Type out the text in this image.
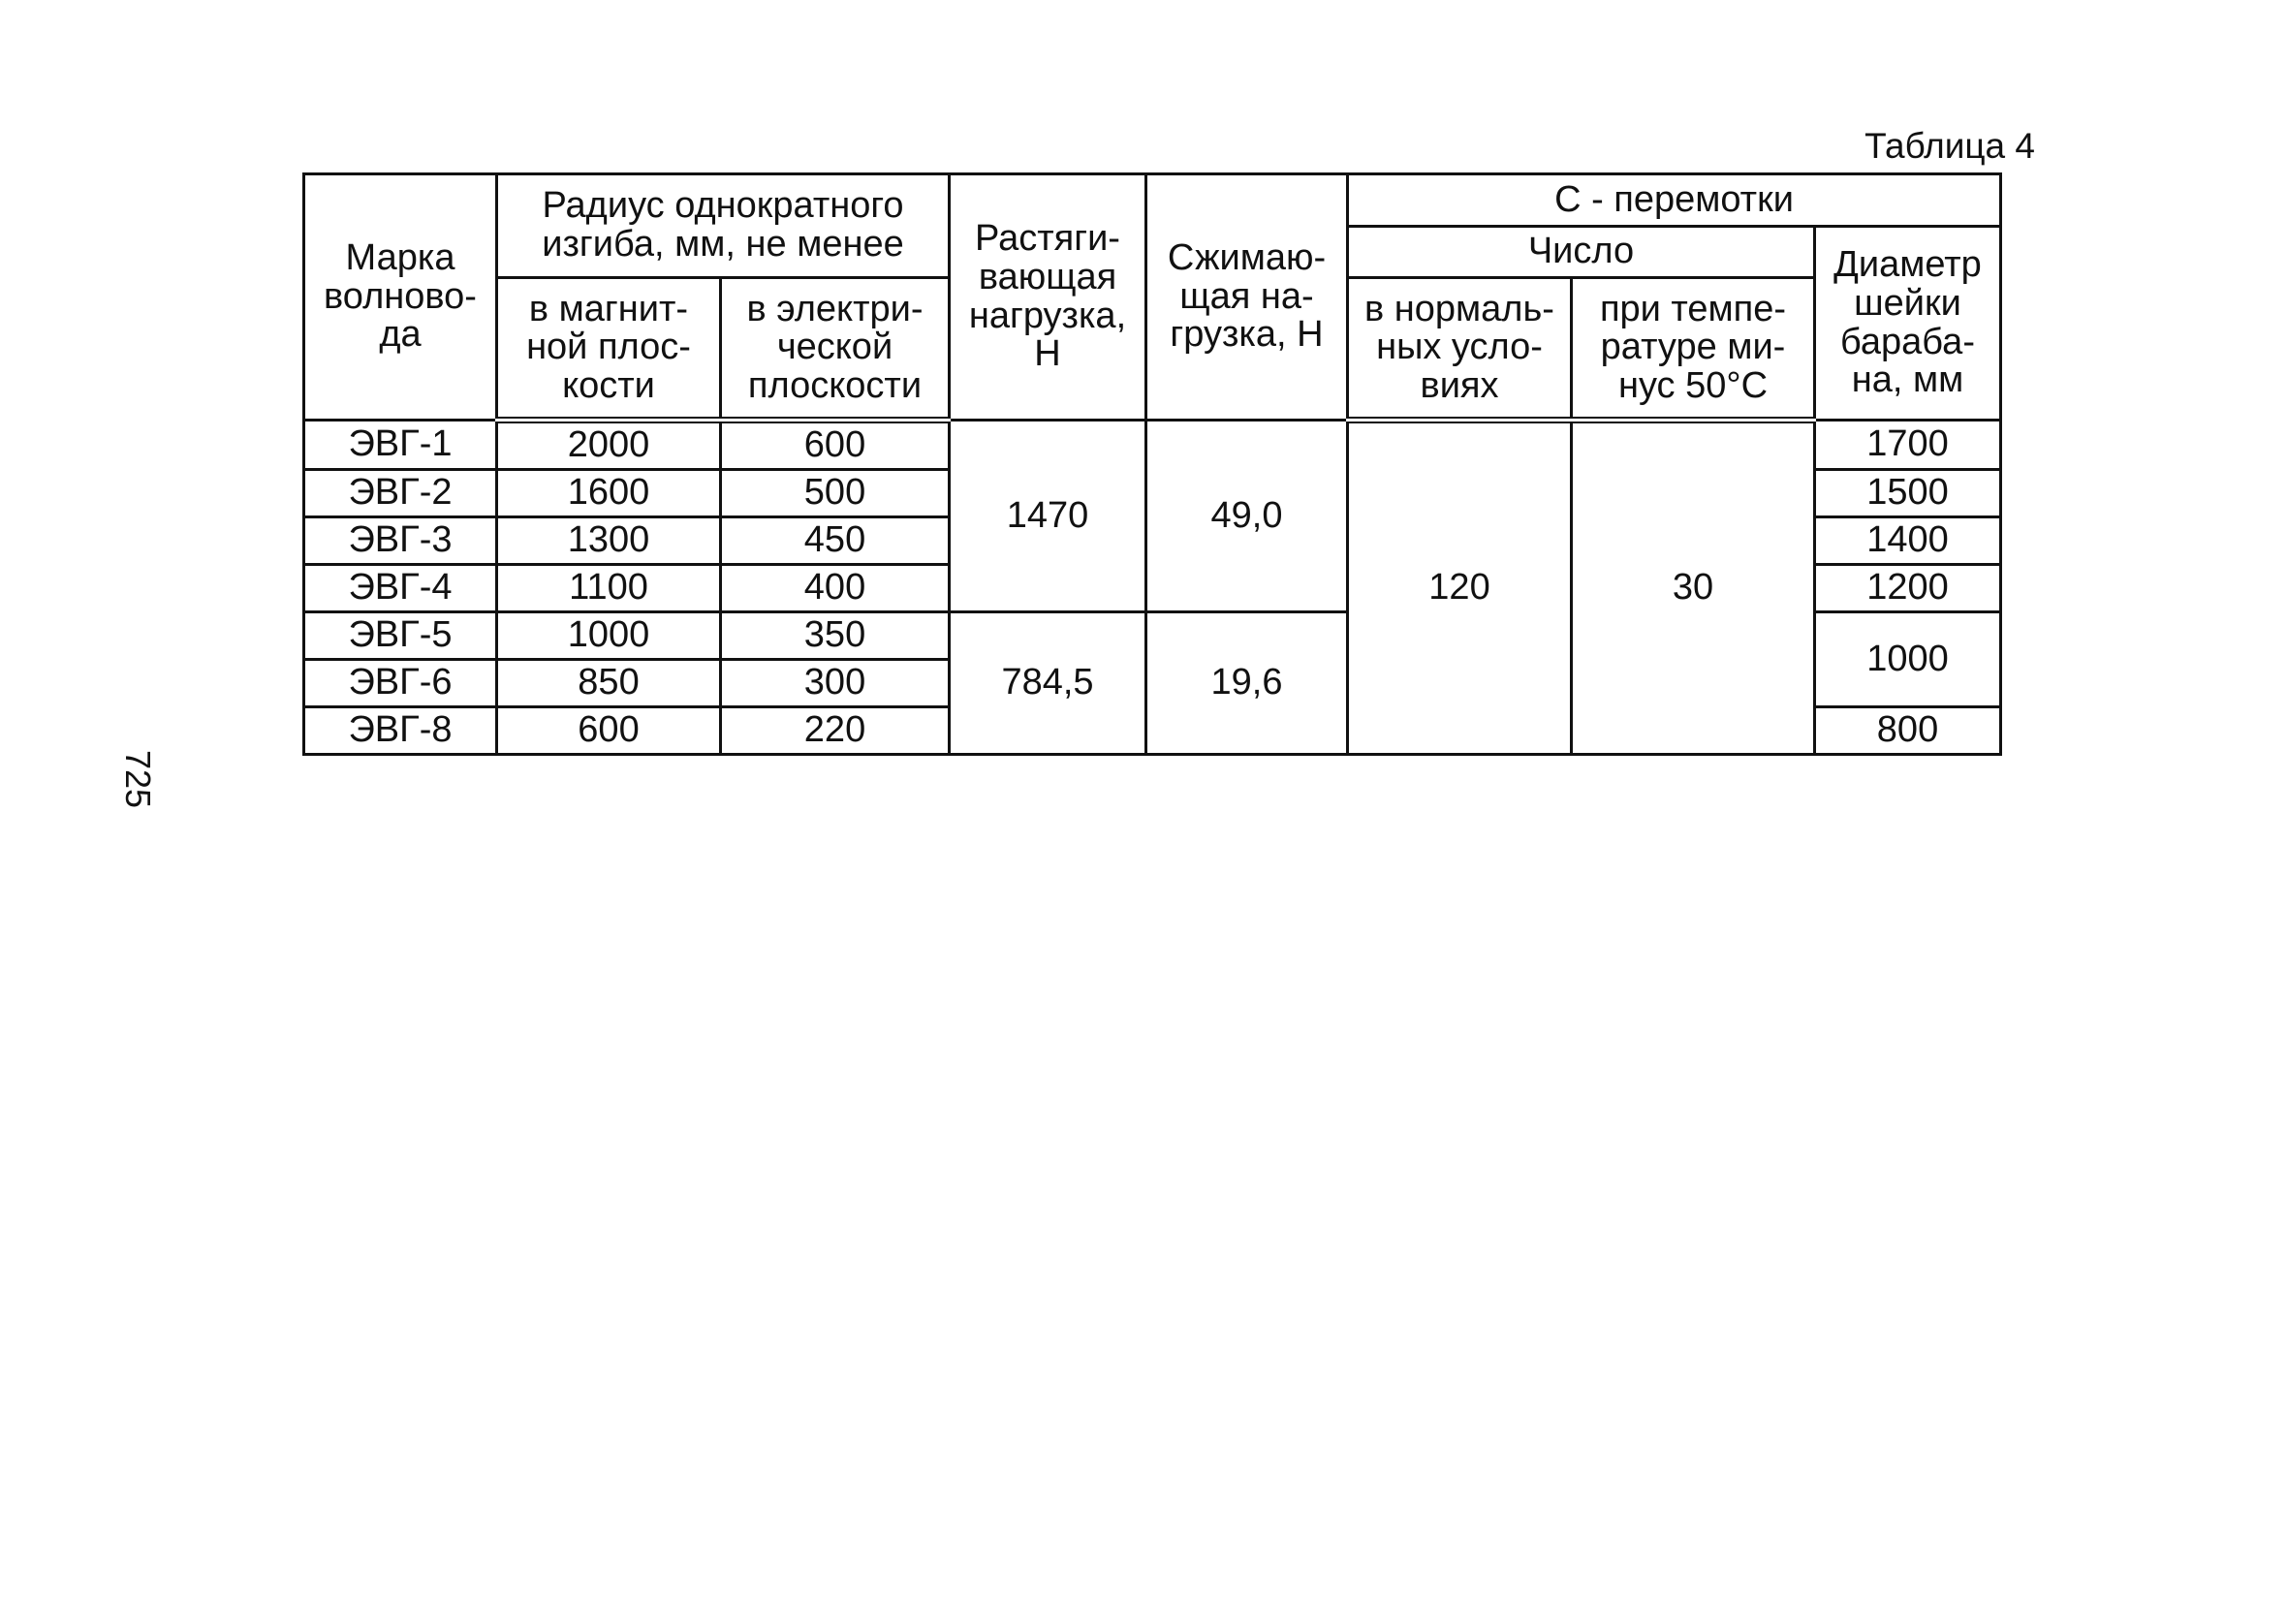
725
Таблица 4
Марка волново-да	Радиус однократного изгиба, мм, не менее		Растяги-вающая нагрузка, Н	Сжимаю-щая на-грузка, Н	С - перемотки		
					Число		Диаметр шейки бараба-на, мм
	в магнит-ной плос-кости	в электри-ческой плоскости			в нормаль-ных усло-виях	при темпе-ратуре ми-нус 50°С	
ЭВГ-1	2000	600	1470	49,0	120	30	1700
ЭВГ-2	1600	500					1500
ЭВГ-3	1300	450					1400
ЭВГ-4	1100	400					1200
ЭВГ-5	1000	350	784,5	19,6			1000
ЭВГ-6	850	300					
ЭВГ-8	600	220					800
